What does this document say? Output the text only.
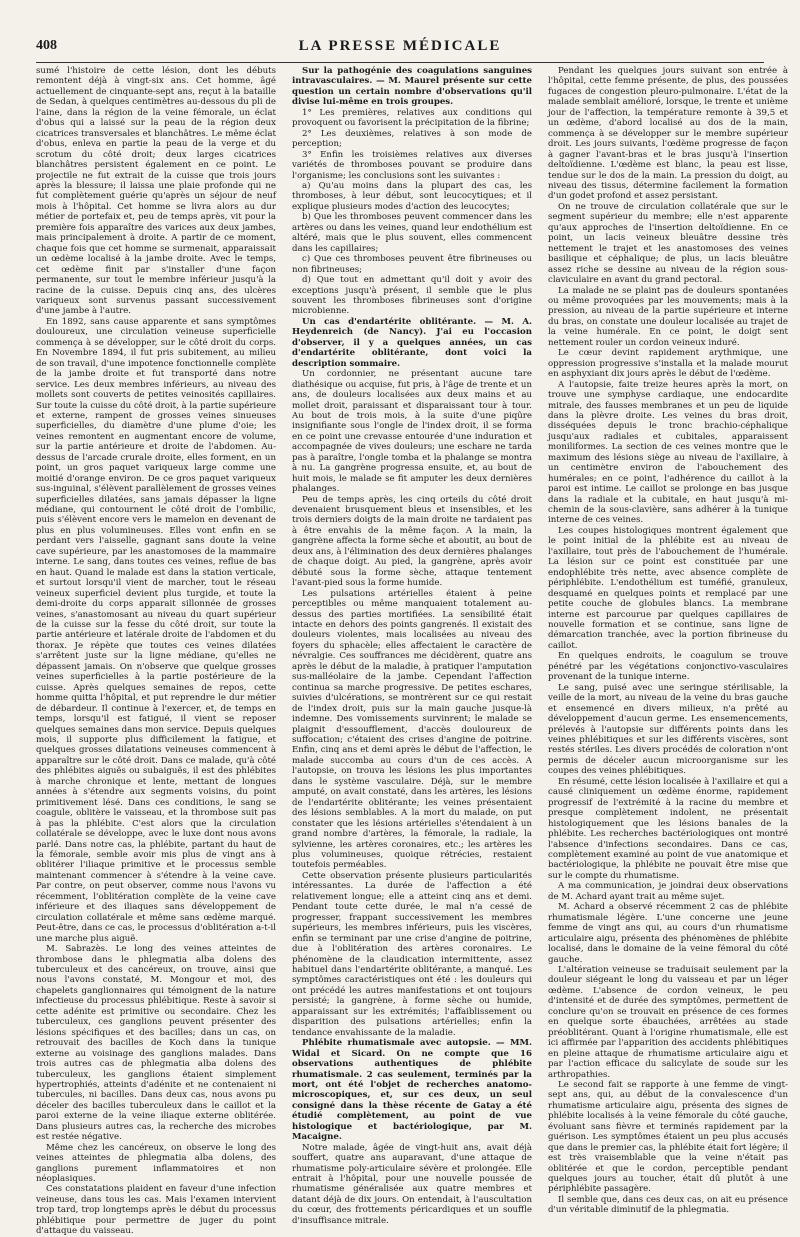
408	LA PRESSE MÉDICALE

sumé l'histoire de cette lésion, dont les débuts remontent déjà à vingt-six ans. Cet homme, âgé actuellement de cinquante-sept ans, reçut à la bataille de Sedan, à quelques centimètres au-dessous du pli de l'aine, dans la région de la veine fémorale, un éclat d'obus qui a laissé sur la peau de la région deux cicatrices transversales et blanchâtres. Le même éclat d'obus, enleva en partie la peau de la verge et du scrotum du côté droit; deux larges cicatrices blanchâtres persistent également en ce point. Le projectile ne fut extrait de la cuisse que trois jours après la blessure; il laissa une plaie profonde qui ne fut complètement guérie qu'après un séjour de neuf mois à l'hôpital. Cet homme se livra alors au dur métier de portefaix et, peu de temps après, vit pour la première fois apparaître des varices aux deux jambes, mais principalement à droite. A partir de ce moment, chaque fois que cet homme se surmenait, apparaissait un œdème localisé à la jambe droite. Avec le temps, cet œdème finit par s'installer d'une façon permanente, sur tout le membre inférieur jusqu'à la racine de la cuisse. Depuis cinq ans, des ulcères variqueux sont survenus passant successivement d'une jambe à l'autre.

En 1892, sans cause apparente et sans symptômes douloureux, une circulation veineuse superficielle commença à se développer, sur le côté droit du corps. En Novembre 1894, il fut pris subitement, au milieu de son travail, d'une impotence fonctionnelle complète de la jambe droite et fut transporté dans notre service. Les deux membres inférieurs, au niveau des mollets sont couverts de petites veinosités capillaires. Sur toute la cuisse du côté droit, à la partie supérieure et externe, rampent de grosses veines sinueuses superficielles, du diamètre d'une plume d'oie; les veines remontent en augmentant encore de volume, sur la partie antérieure et droite de l'abdomen. Au-dessus de l'arcade crurale droite, elles forment, en un point, un gros paquet variqueux large comme une moitié d'orange environ. De ce gros paquet variqueux sus-inguinal, s'élèvent parallèlement de grosses veines superficielles dilatées, sans jamais dépasser la ligne médiane, qui contournent le côté droit de l'ombilic, puis s'élèvent encore vers le mamelon en devenant de plus en plus volumineuses. Elles vont enfin en se perdant vers l'aisselle, gagnant sans doute la veine cave supérieure, par les anastomoses de la mammaire interne. Le sang, dans toutes ces veines, reflue de bas en haut. Quand le malade est dans la station verticale, et surtout lorsqu'il vient de marcher, tout le réseau veineux superficiel devient plus turgide, et toute la demi-droite du corps apparait sillonnée de grosses veines, s'anastomosant au niveau du quart supérieur de la cuisse sur la fesse du côté droit, sur toute la partie antérieure et latérale droite de l'abdomen et du thorax. Je répète que toutes ces veines dilatées s'arrêtent juste sur la ligne médiane, qu'elles ne dépassent jamais. On n'observe que quelque grosses veines superficielles à la partie postérieure de la cuisse. Après quelques semaines de repos, cette homme quitta l'hôpital, et put reprendre le dur métier de débardeur. Il continue à l'exercer, et, de temps en temps, lorsqu'il est fatigué, il vient se reposer quelques semaines dans mon service. Depuis quelques mois, il supporte plus difficilement la fatigue, et quelques grosses dilatations veineuses commencent à apparaître sur le côté droit. Dans ce malade, qu'à côté des phlébites aiguës ou subaiguës, il est des phlébites à marche chronique et lente, mettant de longues années à s'étendre aux segments voisins, du point primitivement lésé. Dans ces conditions, le sang se coagule, oblitère le vaisseau, et la thrombose suit pas à pas la phlébite. C'est alors que la circulation collatérale se développe, avec le luxe dont nous avons parlé. Dans notre cas, la phlébite, partant du haut de la fémorale, semble avoir mis plus de vingt ans à oblitérer l'iliaque primitive et le processus semble maintenant commencer à s'étendre à la veine cave. Par contre, on peut observer, comme nous l'avons vu récemment, l'oblitération complète de la veine cave inférieure et des iliaques sans développement de circulation collatérale et même sans œdème marqué. Peut-être, dans ce cas, le processus d'oblitération a-t-il une marche plus aiguë.

M. Sabrazès. Le long des veines atteintes de thrombose dans le phlegmatia alba dolens des tuberculeux et des cancéreux, on trouve, ainsi que nous l'avons constaté, M. Mongour et moi, des chapelets ganglionnaires qui témoignent de la nature infectieuse du processus phlébitique. Reste à savoir si cette adénite est primitive ou secondaire. Chez les tuberculeux, ces ganglions peuvent présenter des lésions spécifiques et des bacilles; dans un cas, on retrouvait des bacilles de Koch dans la tunique externe au voisinage des ganglions malades. Dans trois autres cas de phlegmatia alba dolens des tuberculeux, les ganglions étaient simplement hypertrophiés, atteints d'adénite et ne contenaient ni tubercules, ni bacilles. Dans deux cas, nous avons pu déceler des bacilles tuberculeux dans le caillot et la paroi externe de la veine iliaque externe oblitérée. Dans plusieurs autres cas, la recherche des microbes est restée négative.

Même chez les cancéreux, on observe le long des veines atteintes de phlegmatia alba dolens, des ganglions purement inflammatoires et non néoplasiques.

Ces constatations plaident en faveur d'une infection veineuse, dans tous les cas. Mais l'examen intervient trop tard, trop longtemps après le début du processus phlébitique pour permettre de juger du point d'attaque du vaisseau.

Sur la pathogénie des coagulations sanguines intravasculaires. — M. Maurel présente sur cette question un certain nombre d'observations qu'il divise lui-même en trois groupes.

1° Les premières, relatives aux conditions qui provoquent ou favorisent la précipitation de la fibrine;

2° Les deuxièmes, relatives à son mode de perception;

3° Enfin les troisièmes relatives aux diverses variétés de thromboses pouvant se produire dans l'organisme; les conclusions sont les suivantes :

a) Qu'au moins dans la plupart des cas, les thromboses, à leur début, sont leucocytiques; et il explique plusieurs modes d'action des leucocytes;

b) Que les thromboses peuvent commencer dans les artères ou dans les veines, quand leur endothélium est altéré, mais que le plus souvent, elles commencent dans les capillaires;

c) Que ces thromboses peuvent être fibrineuses ou non fibrineuses;

d) Que tout en admettant qu'il doit y avoir des exceptions jusqu'à présent, il semble que le plus souvent les thromboses fibrineuses sont d'origine microbienne.

Un cas d'endartérite oblitérante. — M. A. Heydenreich (de Nancy). J'ai eu l'occasion d'observer, il y a quelques années, un cas d'endartérite oblitérante, dont voici la description sommaire.

Un cordonnier, ne présentant aucune tare diathésique ou acquise, fut pris, à l'âge de trente et un ans, de douleurs localisées aux deux mains et au mollet droit, paraissant et disparaissant tour à tour. Au bout de trois mois, à la suite d'une piqûre insignifiante sous l'ongle de l'index droit, il se forma en ce point une crevasse entourée d'une induration et accompagnée de vives douleurs; une eschare ne tarda pas à paraître, l'ongle tomba et la phalange se montra à nu. La gangrène progressa ensuite, et, au bout de huit mois, le malade se fit amputer les deux dernières phalanges.

Peu de temps après, les cinq orteils du côté droit devenaient brusquement bleus et insensibles, et les trois derniers doigts de la main droite ne tardaient pas à être envahis de la même façon. A la main, la gangrène affecta la forme sèche et aboutit, au bout de deux ans, à l'élimination des deux dernières phalanges de chaque doigt. Au pied, la gangrène, après avoir débuté sous la forme sèche, attaque tentement l'avant-pied sous la forme humide.

Les pulsations artérielles étaient à peine perceptibles ou même manquaient totalement au-dessus des parties mortifiées. La sensibilité était intacte en dehors des points gangrenés. Il existait des douleurs violentes, mais localisées au niveau des foyers du sphacèle; elles affectaient le caractère de névralgie. Ces souffrances me décidèrent, quatre ans après le début de la maladie, à pratiquer l'amputation sus-malléolaire de la jambe. Cependant l'affection continua sa marche progressive. De petites eschares, suivies d'ulcérations, se montrèrent sur ce qui restait de l'index droit, puis sur la main gauche jusque-là indemne. Des vomissements survinrent; le malade se plaignit d'essoufflement, d'accès douloureux de suffocation; c'étaient des crises d'angine de poitrine. Enfin, cinq ans et demi après le début de l'affection, le malade succomba au cours d'un de ces accès. A l'autopsie, on trouva les lésions les plus importantes dans le système vasculaire. Déjà, sur le membre amputé, on avait constaté, dans les artères, les lésions de l'endartérite oblitérante; les veines présentaient des lésions semblables. A la mort du malade, on put constater que les lésions artérielles s'étendaient à un grand nombre d'artères, la fémorale, la radiale, la sylvienne, les artères coronaires, etc.; les artères les plus volumineuses, quoique rétrécies, restaient toutefois perméables.

Cette observation présente plusieurs particularités intéressantes. La durée de l'affection a été relativement longue; elle a atteint cinq ans et demi. Pendant toute cette durée, le mal n'a cessé de progresser, frappant successivement les membres supérieurs, les membres inférieurs, puis les viscères, enfin se terminant par une crise d'angine de poitrine, due à l'oblitération des artères coronaires. Le phénomène de la claudication intermittente, assez habituel dans l'endartérite oblitérante, a manqué. Les symptômes caractéristiques ont été : les douleurs qui ont précédé les autres manifestations et ont toujours persisté; la gangrène, à forme sèche ou humide, apparaissant sur les extrémités; l'affaiblissement ou disparition des pulsations artérielles; enfin la tendance envahissante de la maladie.

Phlébite rhumatismale avec autopsie. — MM. Widal et Sicard. On ne compte que 16 observations authentiques de phlébite rhumatismale. 2 cas seulement, terminés par la mort, ont été l'objet de recherches anatomo-microscopiques, et, sur ces deux, un seul consigné dans la thèse récente de Gatay a été étudié complètement, au point de vue histologique et bactériologique, par M. Macaigne.

Notre malade, âgée de vingt-huit ans, avait déjà souffert, quatre ans auparavant, d'une attaque de rhumatisme poly-articulaire sévère et prolongée. Elle entrait à l'hôpital, pour une nouvelle poussée de rhumatisme généralisée aux quatre membres et datant déjà de dix jours. On entendait, à l'auscultation du cœur, des frottements péricardiques et un souffle d'insuffisance mitrale.

Pendant les quelques jours suivant son entrée à l'hôpital, cette femme présente, de plus, des poussées fugaces de congestion pleuro-pulmonaire. L'état de la malade semblait amélioré, lorsque, le trente et unième jour de l'affection, la température remonte à 39,5 et un œdème, d'abord localisé au dos de la main, commença à se développer sur le membre supérieur droit. Les jours suivants, l'œdème progresse de façon à gagner l'avant-bras et le bras jusqu'à l'insertion deltoïdienne. L'œdème est blanc, la peau est lisse, tendue sur le dos de la main. La pression du doigt, au niveau des tissus, détermine facilement la formation d'un godet profond et assez persistant.

On ne trouve de circulation collatérale que sur le segment supérieur du membre; elle n'est apparente qu'aux approches de l'insertion deltoïdienne. En ce point, un lacis veineux bleuâtre dessine très nettement le trajet et les anastomoses des veines basilique et céphalique; de plus, un lacis bleuâtre assez riche se dessine au niveau de la région sous-claviculaire en avant du grand pectoral.

La malade ne se plaint pas de douleurs spontanées ou même provoquées par les mouvements; mais à la pression, au niveau de la partie supérieure et interne du bras, on constate une douleur localisée au trajet de la veine humérale. En ce point, le doigt sent nettement rouler un cordon veineux induré.

Le cœur devint rapidement arythmique, une oppression progressive s'installa et la malade mourut en asphyxiant dix jours après le début de l'œdème.

A l'autopsie, faite treize heures après la mort, on trouve une symphyse cardiaque, une endocardite mitrale, des fausses membranes et un peu de liquide dans la plèvre droite. Les veines du bras droit, disséquées depuis le tronc brachio-céphalique jusqu'aux radiales et cubitales, apparaissent moniliformes. La section de ces veines montre que le maximum des lésions siège au niveau de l'axillaire, à un centimètre environ de l'abouchement des humérales; en ce point, l'adhérence du caillot à la paroi est intime. Le caillot se prolonge en bas jusque dans la radiale et la cubitale, en haut jusqu'à mi-chemin de la sous-clavière, sans adhérer à la tunique interne de ces veines.

Les coupes histologiques montrent également que le point initial de la phlébite est au niveau de l'axillaire, tout près de l'abouchement de l'humérale. La lésion sur ce point est constituée par une endophlébite très nette, avec absence complète de périphlébite. L'endothélium est tuméfié, granuleux, desquamé en quelques points et remplacé par une petite couche de globules blancs. La membrane interne est parcourue par quelques capillaires de nouvelle formation et se continue, sans ligne de démarcation tranchée, avec la portion fibrineuse du caillot.

En quelques endroits, le coagulum se trouve pénétré par les végétations conjonctivo-vasculaires provenant de la tunique interne.

Le sang, puisé avec une seringue stérilisable, la veille de la mort, au niveau de la veine du bras gauche et ensemencé en divers milieux, n'a prêté au développement d'aucun germe. Les ensemencements, prélevés à l'autopsie sur différents points dans les veines phlébitiques et sur les différents viscères, sont restés stériles. Les divers procédés de coloration n'ont permis de déceler aucun microorganisme sur les coupes des veines phlébitiques.

En résumé, cette lésion localisée à l'axillaire et qui a causé cliniquement un œdème énorme, rapidement progressif de l'extrémité à la racine du membre et presque complètement indolent, ne présentait histologiquement que les lésions banales de la phlébite. Les recherches bactériologiques ont montré l'absence d'infections secondaires. Dans ce cas, complètement examiné au point de vue anatomique et bactériologique, la phlébite ne pouvait être mise que sur le compte du rhumatisme.

A ma communication, je joindrai deux observations de M. Achard ayant trait au même sujet.

M. Achard a observé récemment 2 cas de phlébite rhumatismale légère. L'une concerne une jeune femme de vingt ans qui, au cours d'un rhumatisme articulaire aigu, présenta des phénomènes de phlébite localisé, dans le domaine de la veine fémoral du côté gauche.

L'altération veineuse se traduisait seulement par la douleur siégeant le long du vaisseau et par un léger œdème. L'absence de cordon veineux, le peu d'intensité et de durée des symptômes, permettent de conclure qu'on se trouvait en présence de ces formes en quelque sorte ébauchées, arrêtées au stade préoblitérant. Quant à l'origine rhumatismale, elle est ici affirmée par l'apparition des accidents phlébitiques en pleine attaque de rhumatisme articulaire aigu et par l'action efficace du salicylate de soude sur les arthropathies.

Le second fait se rapporte à une femme de vingt-sept ans, qui, au début de la convalescence d'un rhumatisme articulaire aigu, présenta des signes de phlébite localisés à la veine fémorale du côté gauche, évoluant sans fièvre et terminés rapidement par la guérison. Les symptômes étaient un peu plus accusés que dans le premier cas, la phlébite était fort légère; il est très vraisemblable que la veine n'était pas oblitérée et que le cordon, perceptible pendant quelques jours au toucher, était dû plutôt à une périphlébite passagère.

Il semble que, dans ces deux cas, on ait eu présence d'un véritable diminutif de la phlegmatia.
